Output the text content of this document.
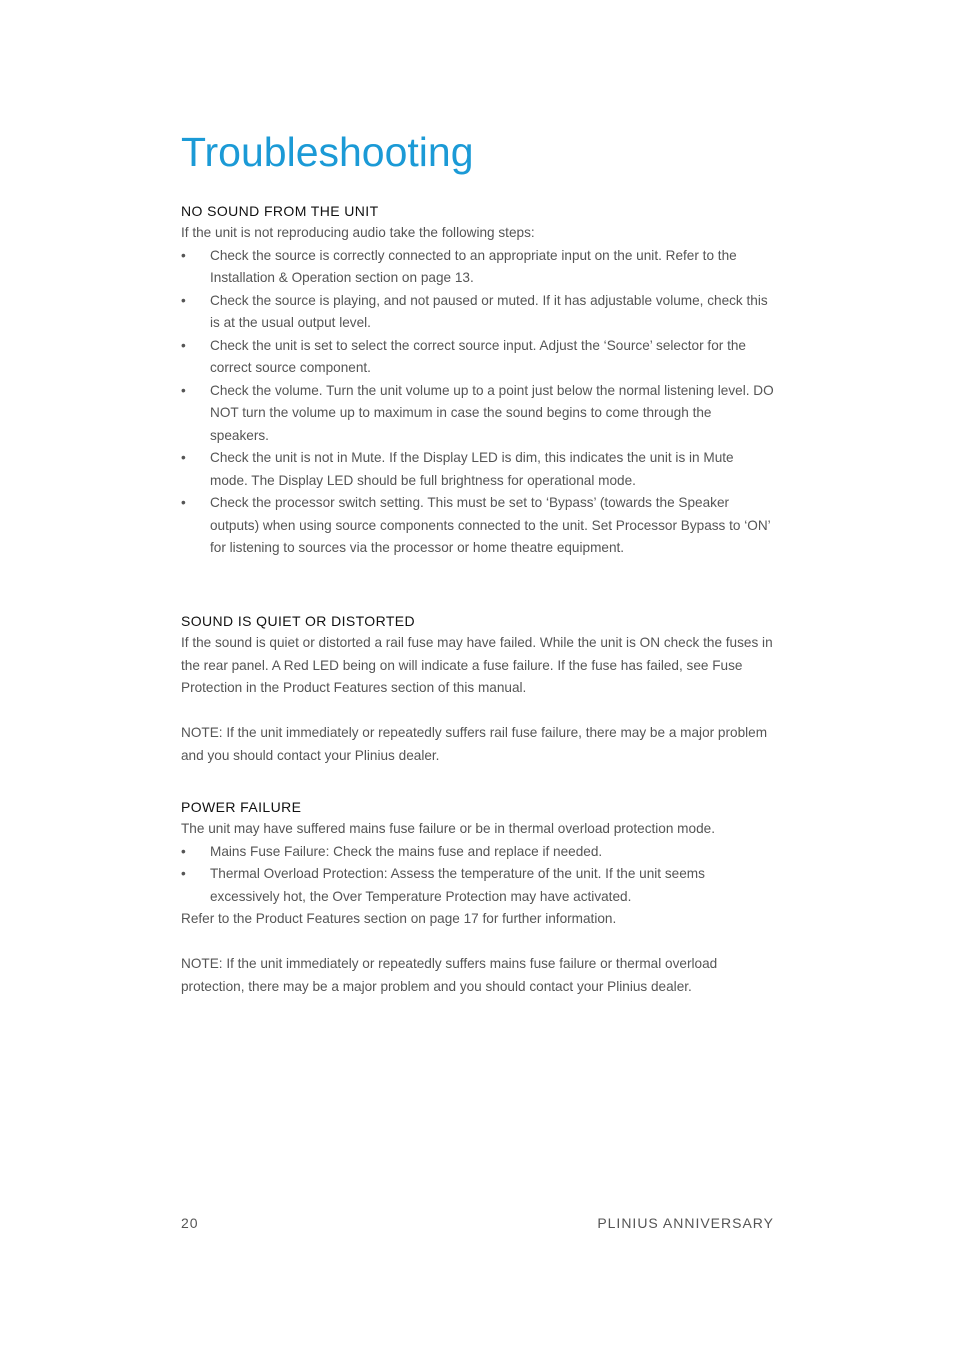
Troubleshooting
NO SOUND FROM THE UNIT

If the unit is not reproducing audio take the following steps:

•	Check the source is correctly connected to an appropriate input on the unit. Refer to the Installation & Operation section on page 13.
•	Check the source is playing, and not paused or muted. If it has adjustable volume, check this is at the usual output level.
•	Check the unit is set to select the correct source input. Adjust the ‘Source’ selector for the correct source component.
•	Check the volume. Turn the unit volume up to a point just below the normal listening level. DO NOT turn the volume up to maximum in case the sound begins to come through the speakers.
•	Check the unit is not in Mute. If the Display LED is dim, this indicates the unit is in Mute mode. The Display LED should be full brightness for operational mode.
•	Check the processor switch setting. This must be set to ‘Bypass’ (towards the Speaker outputs) when using source components connected to the unit. Set Processor Bypass to ‘ON’ for listening to sources via the processor or home theatre equipment.
SOUND IS QUIET OR DISTORTED

If the sound is quiet or distorted a rail fuse may have failed. While the unit is ON check the fuses in the rear panel. A Red LED being on will indicate a fuse failure. If the fuse has failed, see Fuse Protection in the Product Features section of this manual.

NOTE: If the unit immediately or repeatedly suffers rail fuse failure, there may be a major problem and you should contact your Plinius dealer.

POWER FAILURE

The unit may have suffered mains fuse failure or be in thermal overload protection mode.

•	Mains Fuse Failure: Check the mains fuse and replace if needed.
•	Thermal Overload Protection: Assess the temperature of the unit. If the unit seems excessively hot, the Over Temperature Protection may have activated.

Refer to the Product Features section on page 17 for further information.

NOTE: If the unit immediately or repeatedly suffers mains fuse failure or thermal overload protection, there may be a major problem and you should contact your Plinius dealer.

20	PLINIUS ANNIVERSARY
